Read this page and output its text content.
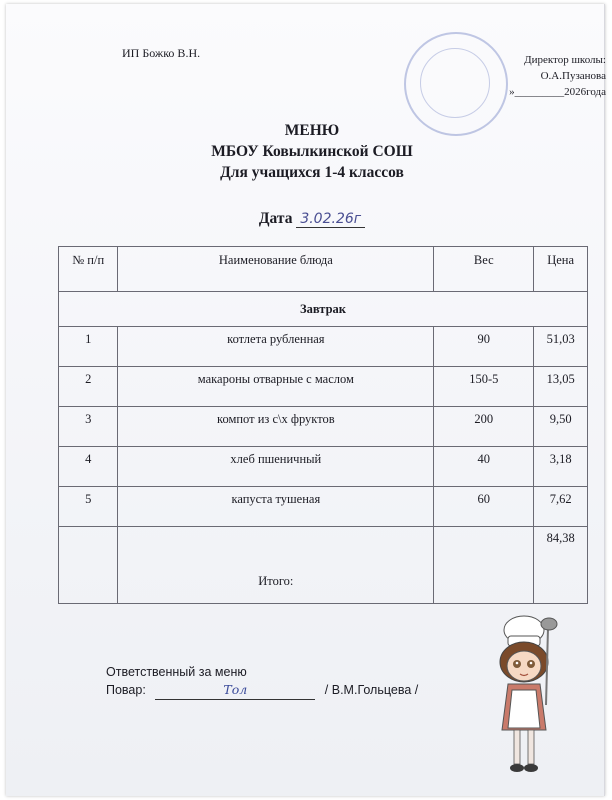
ИП Божко В.Н.	Директор школы:
О.А.Пузанова
»_________2026года
МЕНЮ
МБОУ Ковылкинской СОШ
Для учащихся 1-4 классов
Дата 3.02.26г
№ п/п	Наименование блюда	Вес	Цена
Завтрак			
1	котлета рубленная	90	51,03
2	макароны отварные с маслом	150-5	13,05
3	компот из с\х фруктов	200	9,50
4	хлеб пшеничный	40	3,18
5	капуста тушеная	60	7,62
	Итого:		84,38
Ответственный за меню
Повар:	Тол	/ В.М.Гольцева /
